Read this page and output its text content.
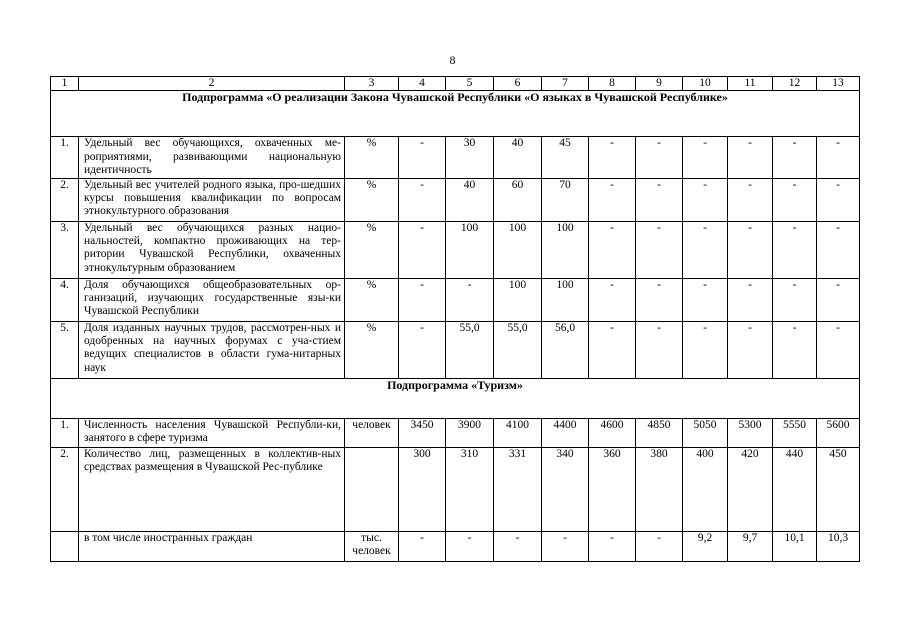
8
1	2	3	4	5	6	7	8	9	10	11	12	13
Подпрограмма «О реализации Закона Чувашской Республики «О языках в Чувашской Республике»												
1.	Удельный вес обучающихся, охваченных ме-роприятиями, развивающими национальную идентичность	%	-	30	40	45	-	-	-	-	-	-
2.	Удельный вес учителей родного языка, про-шедших курсы повышения квалификации по вопросам этнокультурного образования	%	-	40	60	70	-	-	-	-	-	-
3.	Удельный вес обучающихся разных нацио-нальностей, компактно проживающих на тер-ритории Чувашской Республики, охваченных этнокультурным образованием	%	-	100	100	100	-	-	-	-	-	-
4.	Доля обучающихся общеобразовательных ор-ганизаций, изучающих государственные язы-ки Чувашской Республики	%	-	-	100	100	-	-	-	-	-	-
5.	Доля изданных научных трудов, рассмотрен-ных и одобренных на научных форумах с уча-стием ведущих специалистов в области гума-нитарных наук	%	-	55,0	55,0	56,0	-	-	-	-	-	-
Подпрограмма «Туризм»												
1.	Численность населения Чувашской Республи-ки, занятого в сфере туризма	человек	3450	3900	4100	4400	4600	4850	5050	5300	5550	5600
2.	Количество лиц, размещенных в коллектив-ных средствах размещения в Чувашской Рес-публике		300	310	331	340	360	380	400	420	440	450
	в том числе иностранных граждан	тыс. человек	-	-	-	-	-	-	9,2	9,7	10,1	10,3
